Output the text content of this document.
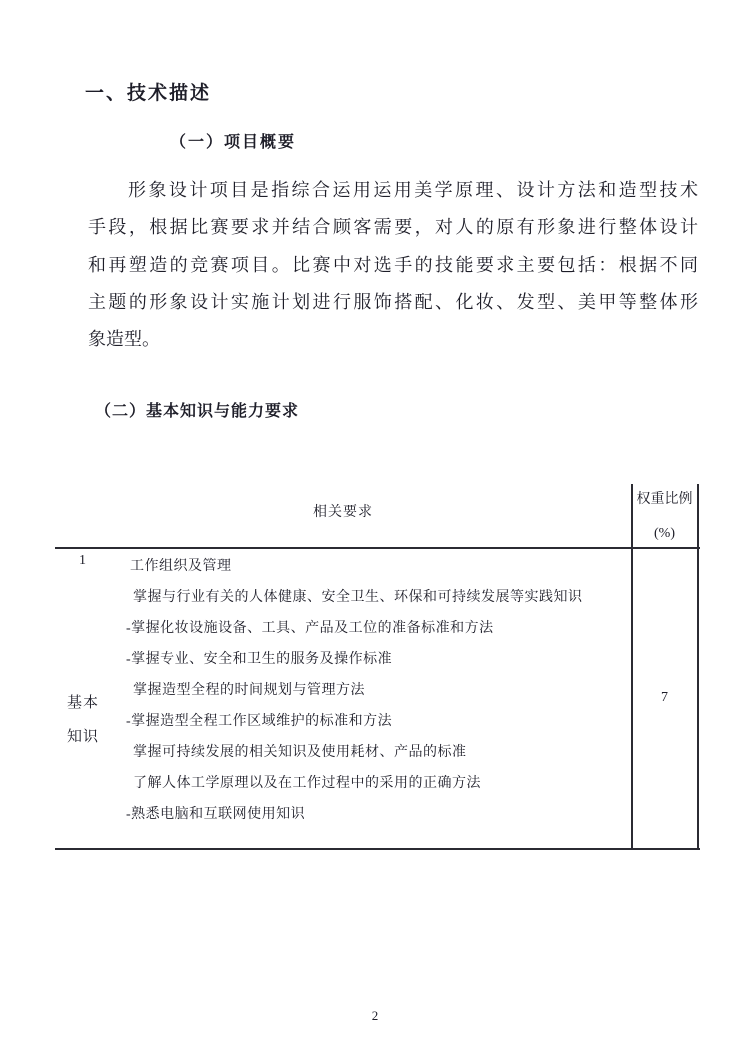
一、技术描述
（一）项目概要
形象设计项目是指综合运用运用美学原理、设计方法和造型技术
手段，根据比赛要求并结合顾客需要，对人的原有形象进行整体设计
和再塑造的竞赛项目。比赛中对选手的技能要求主要包括：根据不同
主题的形象设计实施计划进行服饰搭配、化妆、发型、美甲等整体形
象造型。
（二）基本知识与能力要求
相关要求
权重比例
(%)
1
基本
知识
工作组织及管理
掌握与行业有关的人体健康、安全卫生、环保和可持续发展等实践知识
-掌握化妆设施设备、工具、产品及工位的准备标准和方法
-掌握专业、安全和卫生的服务及操作标准
掌握造型全程的时间规划与管理方法
-掌握造型全程工作区域维护的标准和方法
掌握可持续发展的相关知识及使用耗材、产品的标准
了解人体工学原理以及在工作过程中的采用的正确方法
-熟悉电脑和互联网使用知识
7
2
